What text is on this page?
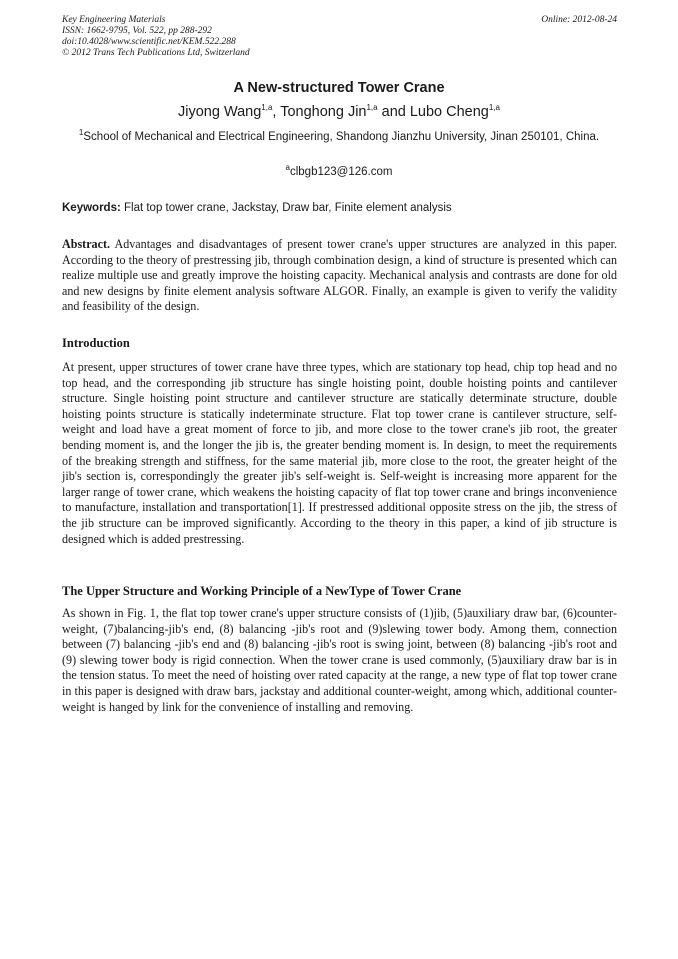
Key Engineering Materials
ISSN: 1662-9795, Vol. 522, pp 288-292
doi:10.4028/www.scientific.net/KEM.522.288
© 2012 Trans Tech Publications Ltd, Switzerland
Online: 2012-08-24
A New-structured Tower Crane
Jiyong Wang$^{1,a}$, Tonghong Jin$^{1,a}$ and Lubo Cheng$^{1,a}$
$^1$School of Mechanical and Electrical Engineering, Shandong Jianzhu University, Jinan 250101, China.
$^a$clbgb123@126.com
Keywords: Flat top tower crane, Jackstay, Draw bar, Finite element analysis
Abstract. Advantages and disadvantages of present tower crane's upper structures are analyzed in this paper. According to the theory of prestressing jib, through combination design, a kind of structure is presented which can realize multiple use and greatly improve the hoisting capacity. Mechanical analysis and contrasts are done for old and new designs by finite element analysis software ALGOR. Finally, an example is given to verify the validity and feasibility of the design.
Introduction
At present, upper structures of tower crane have three types, which are stationary top head, chip top head and no top head, and the corresponding jib structure has single hoisting point, double hoisting points and cantilever structure. Single hoisting point structure and cantilever structure are statically determinate structure, double hoisting points structure is statically indeterminate structure. Flat top tower crane is cantilever structure, self-weight and load have a great moment of force to jib, and more close to the tower crane's jib root, the greater bending moment is, and the longer the jib is, the greater bending moment is. In design, to meet the requirements of the breaking strength and stiffness, for the same material jib, more close to the root, the greater height of the jib's section is, correspondingly the greater jib's self-weight is. Self-weight is increasing more apparent for the larger range of tower crane, which weakens the hoisting capacity of flat top tower crane and brings inconvenience to manufacture, installation and transportation[1]. If prestressed additional opposite stress on the jib, the stress of the jib structure can be improved significantly. According to the theory in this paper, a kind of jib structure is designed which is added prestressing.
The Upper Structure and Working Principle of a NewType of Tower Crane
As shown in Fig. 1, the flat top tower crane's upper structure consists of (1)jib, (5)auxiliary draw bar, (6)counter-weight, (7)balancing-jib's end, (8) balancing -jib's root and (9)slewing tower body. Among them, connection between (7) balancing -jib's end and (8) balancing -jib's root is swing joint, between (8) balancing -jib's root and (9) slewing tower body is rigid connection. When the tower crane is used commonly, (5)auxiliary draw bar is in the tension status. To meet the need of hoisting over rated capacity at the range, a new type of flat top tower crane in this paper is designed with draw bars, jackstay and additional counter-weight, among which, additional counter-weight is hanged by link for the convenience of installing and removing.
